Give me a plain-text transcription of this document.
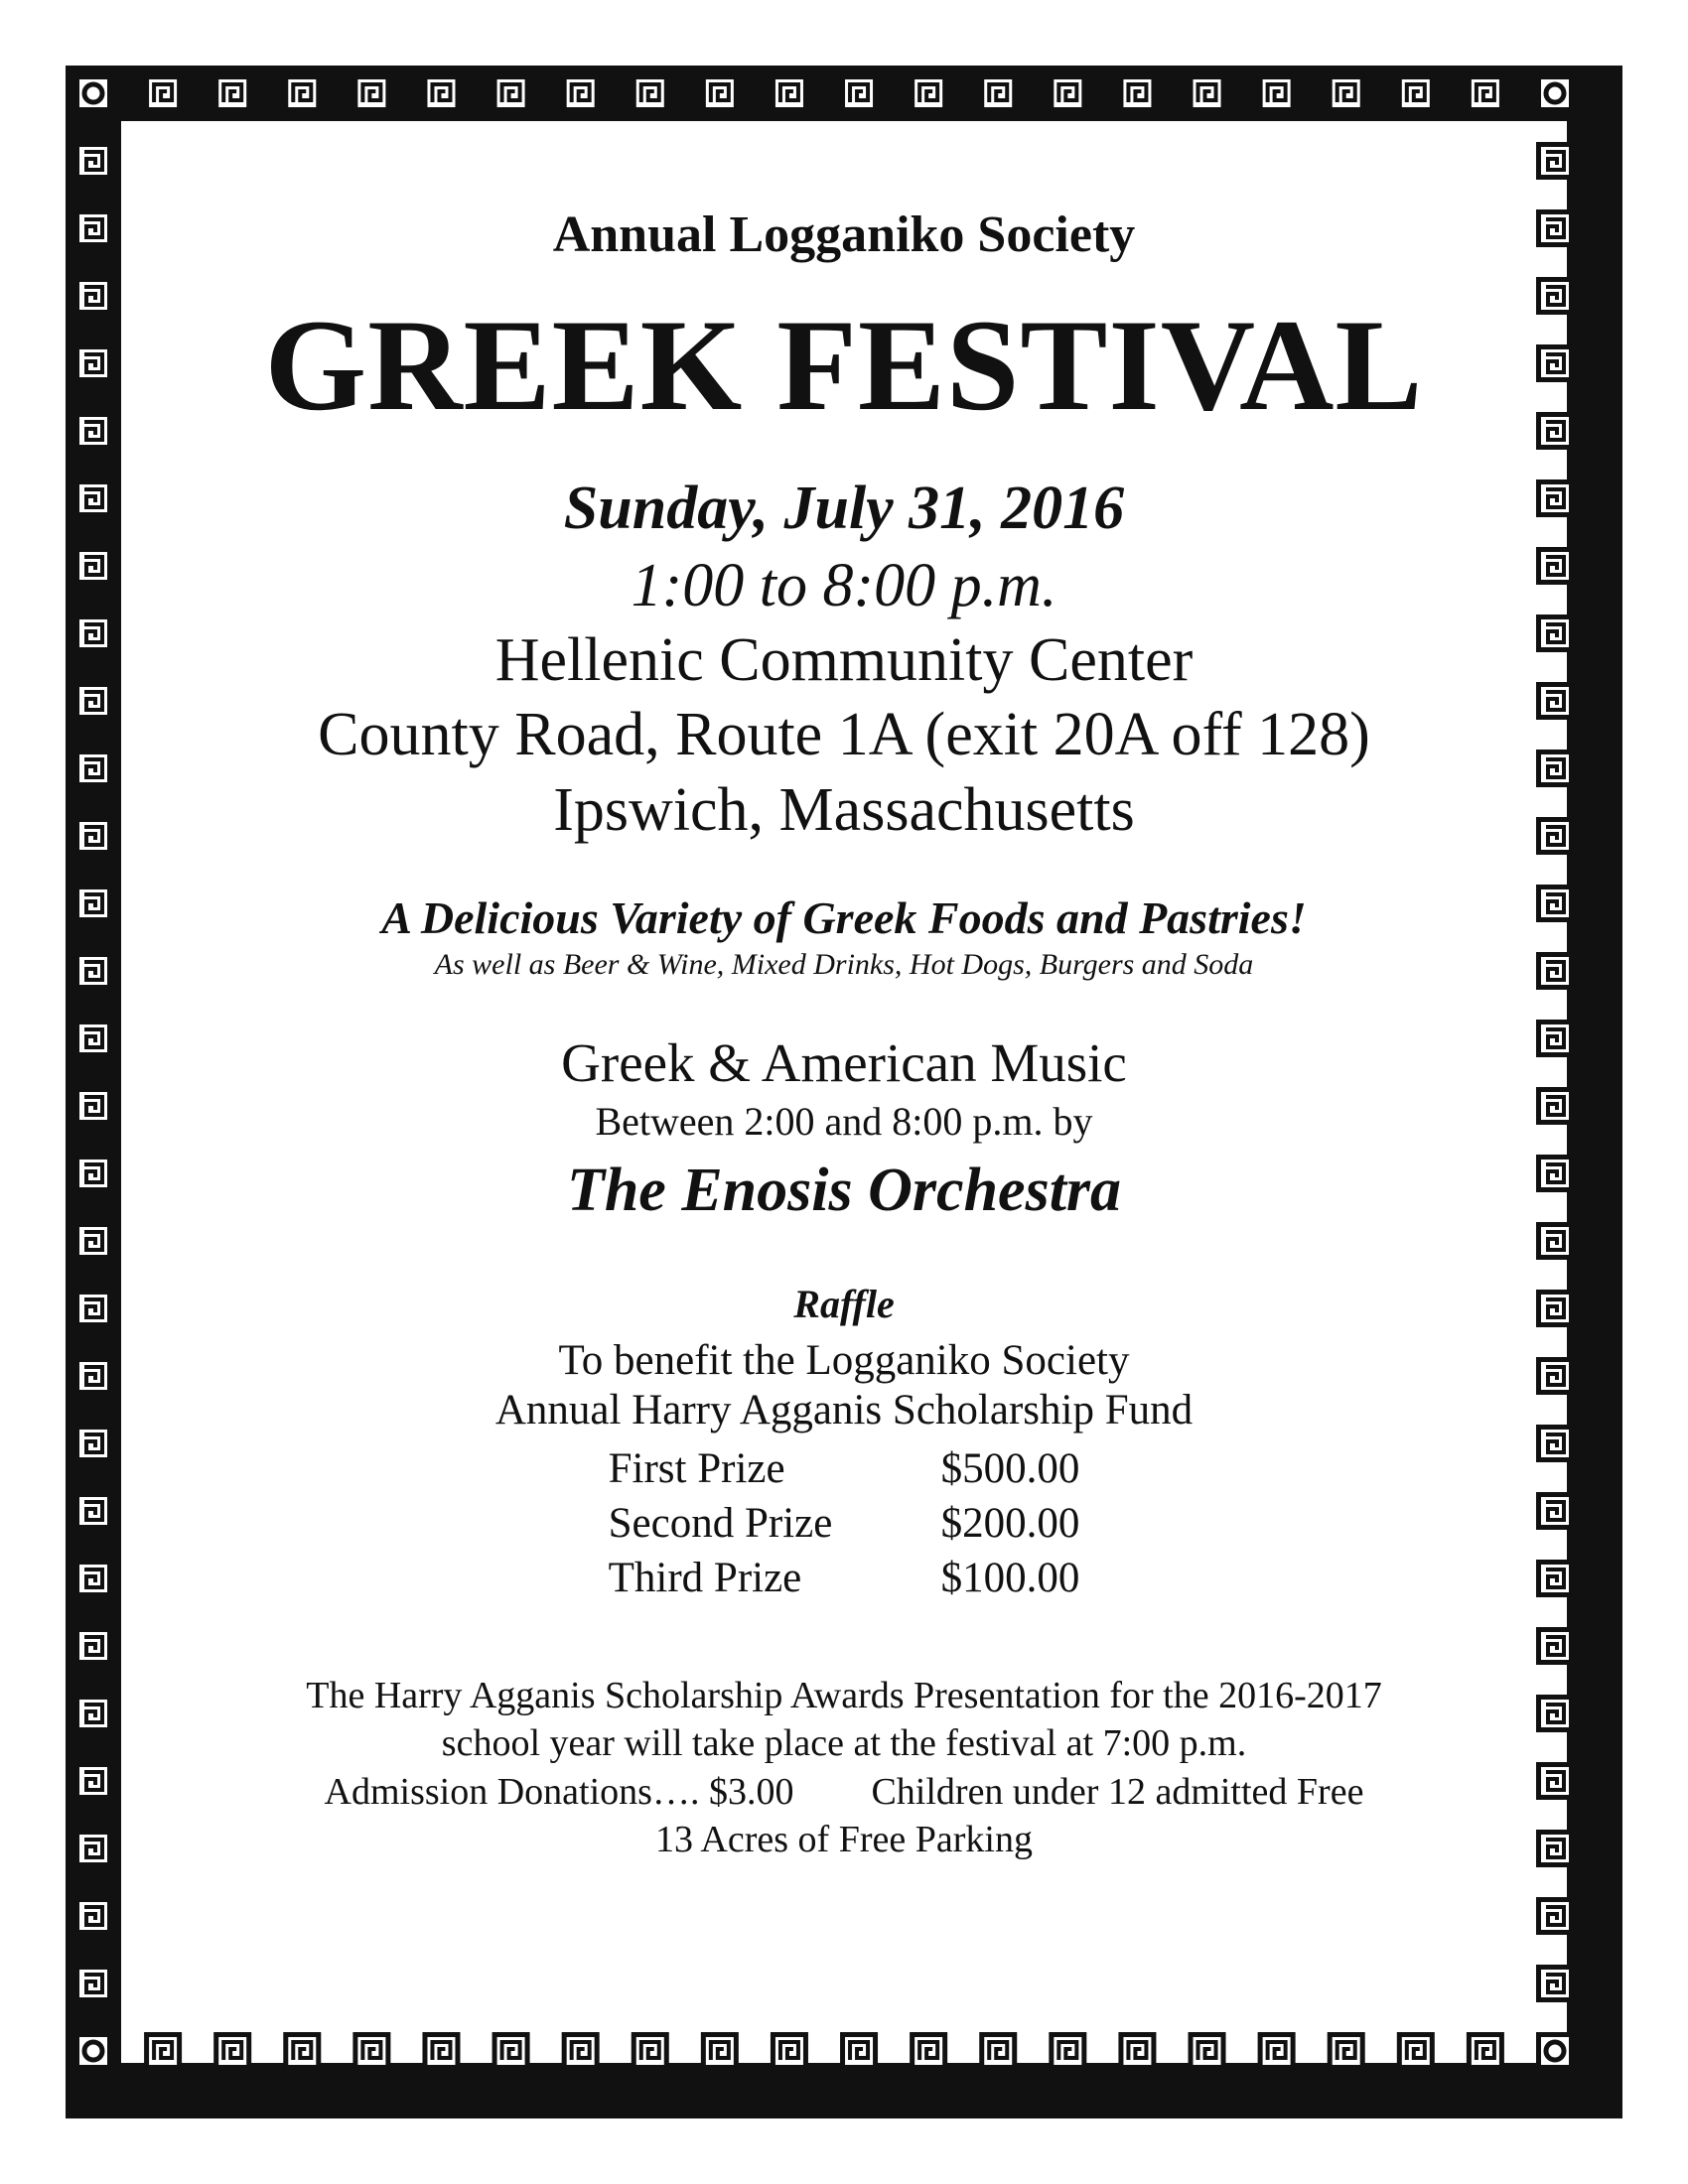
Annual Logganiko Society

GREEK FESTIVAL

Sunday, July 31, 2016

1:00 to 8:00 p.m.

Hellenic Community Center

County Road, Route 1A (exit 20A off 128)

Ipswich, Massachusetts

A Delicious Variety of Greek Foods and Pastries!

As well as Beer & Wine, Mixed Drinks, Hot Dogs, Burgers and Soda

Greek & American Music

Between 2:00 and 8:00 p.m. by

The Enosis Orchestra

Raffle

To benefit the Logganiko Society

Annual Harry Agganis Scholarship Fund

First Prize	$500.00
Second Prize	$200.00
Third Prize	$100.00

The Harry Agganis Scholarship Awards Presentation for the 2016-2017

school year will take place at the festival at 7:00 p.m.

Admission Donations…. $3.00 Children under 12 admitted Free

13 Acres of Free Parking
